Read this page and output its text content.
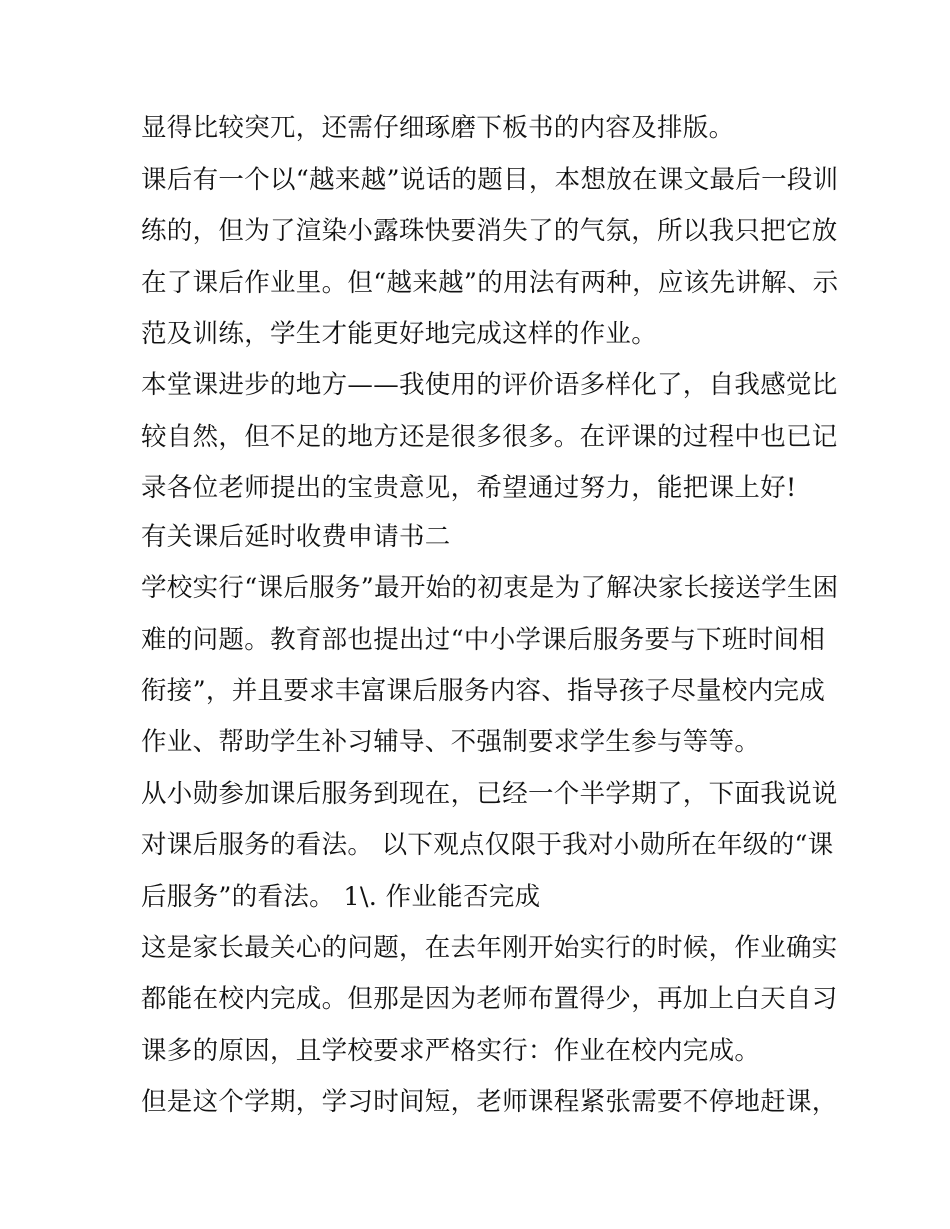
显得比较突兀，还需仔细琢磨下板书的内容及排版。
课后有一个以“越来越”说话的题目，本想放在课文最后一段训
练的，但为了渲染小露珠快要消失了的气氛，所以我只把它放
在了课后作业里。但“越来越”的用法有两种，应该先讲解、示
范及训练，学生才能更好地完成这样的作业。
本堂课进步的地方——我使用的评价语多样化了，自我感觉比
较自然，但不足的地方还是很多很多。在评课的过程中也已记
录各位老师提出的宝贵意见，希望通过努力，能把课上好!
有关课后延时收费申请书二
学校实行“课后服务”最开始的初衷是为了解决家长接送学生困
难的问题。教育部也提出过“中小学课后服务要与下班时间相
衔接”，并且要求丰富课后服务内容、指导孩子尽量校内完成
作业、帮助学生补习辅导、不强制要求学生参与等等。
从小勋参加课后服务到现在，已经一个半学期了，下面我说说
对课后服务的看法。 以下观点仅限于我对小勋所在年级的“课
后服务”的看法。 1\. 作业能否完成
这是家长最关心的问题，在去年刚开始实行的时候，作业确实
都能在校内完成。但那是因为老师布置得少，再加上白天自习
课多的原因，且学校要求严格实行：作业在校内完成。
但是这个学期，学习时间短，老师课程紧张需要不停地赶课，
